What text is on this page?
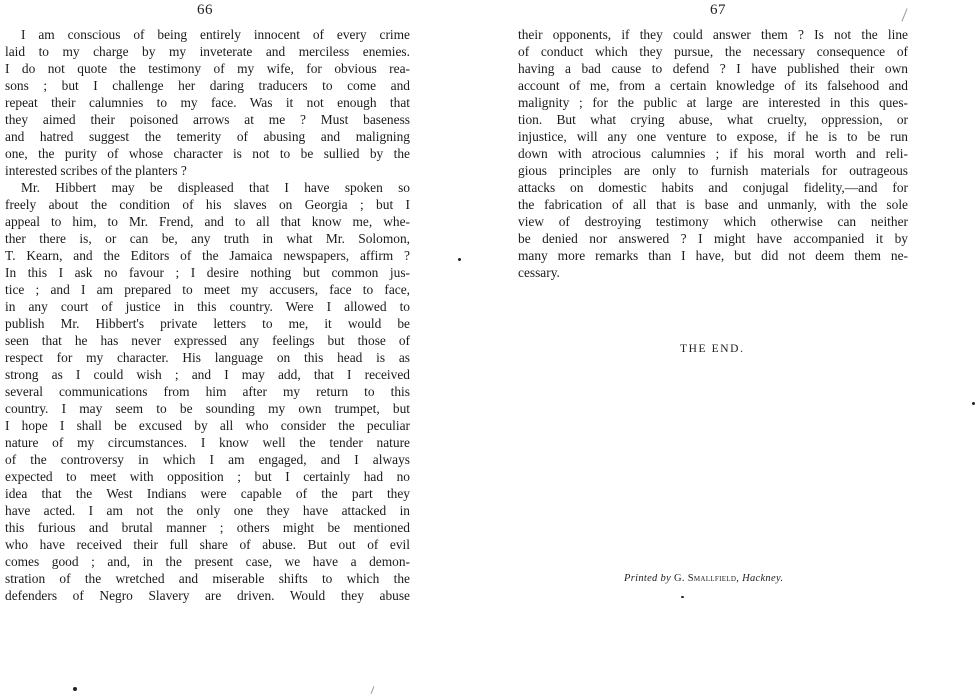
66
I am conscious of being entirely innocent of every crime
laid to my charge by my inveterate and merciless enemies.
I do not quote the testimony of my wife, for obvious rea-
sons ; but I challenge her daring traducers to come and
repeat their calumnies to my face. Was it not enough that
they aimed their poisoned arrows at me ? Must baseness
and hatred suggest the temerity of abusing and maligning
one, the purity of whose character is not to be sullied by the
interested scribes of the planters ?
Mr. Hibbert may be displeased that I have spoken so
freely about the condition of his slaves on Georgia ; but I
appeal to him, to Mr. Frend, and to all that know me, whe-
ther there is, or can be, any truth in what Mr. Solomon,
T. Kearn, and the Editors of the Jamaica newspapers, affirm ?
In this I ask no favour ; I desire nothing but common jus-
tice ; and I am prepared to meet my accusers, face to face,
in any court of justice in this country. Were I allowed to
publish Mr. Hibbert's private letters to me, it would be
seen that he has never expressed any feelings but those of
respect for my character. His language on this head is as
strong as I could wish ; and I may add, that I received
several communications from him after my return to this
country. I may seem to be sounding my own trumpet, but
I hope I shall be excused by all who consider the peculiar
nature of my circumstances. I know well the tender nature
of the controversy in which I am engaged, and I always
expected to meet with opposition ; but I certainly had no
idea that the West Indians were capable of the part they
have acted. I am not the only one they have attacked in
this furious and brutal manner ; others might be mentioned
who have received their full share of abuse. But out of evil
comes good ; and, in the present case, we have a demon-
stration of the wretched and miserable shifts to which the
defenders of Negro Slavery are driven. Would they abuse
67
their opponents, if they could answer them ? Is not the line
of conduct which they pursue, the necessary consequence of
having a bad cause to defend ? I have published their own
account of me, from a certain knowledge of its falsehood and
malignity ; for the public at large are interested in this ques-
tion. But what crying abuse, what cruelty, oppression, or
injustice, will any one venture to expose, if he is to be run
down with atrocious calumnies ; if his moral worth and reli-
gious principles are only to furnish materials for outrageous
attacks on domestic habits and conjugal fidelity,—and for
the fabrication of all that is base and unmanly, with the sole
view of destroying testimony which otherwise can neither
be denied nor answered ? I might have accompanied it by
many more remarks than I have, but did not deem them ne-
cessary.
THE END.
Printed by G. Smallfield, Hackney.
